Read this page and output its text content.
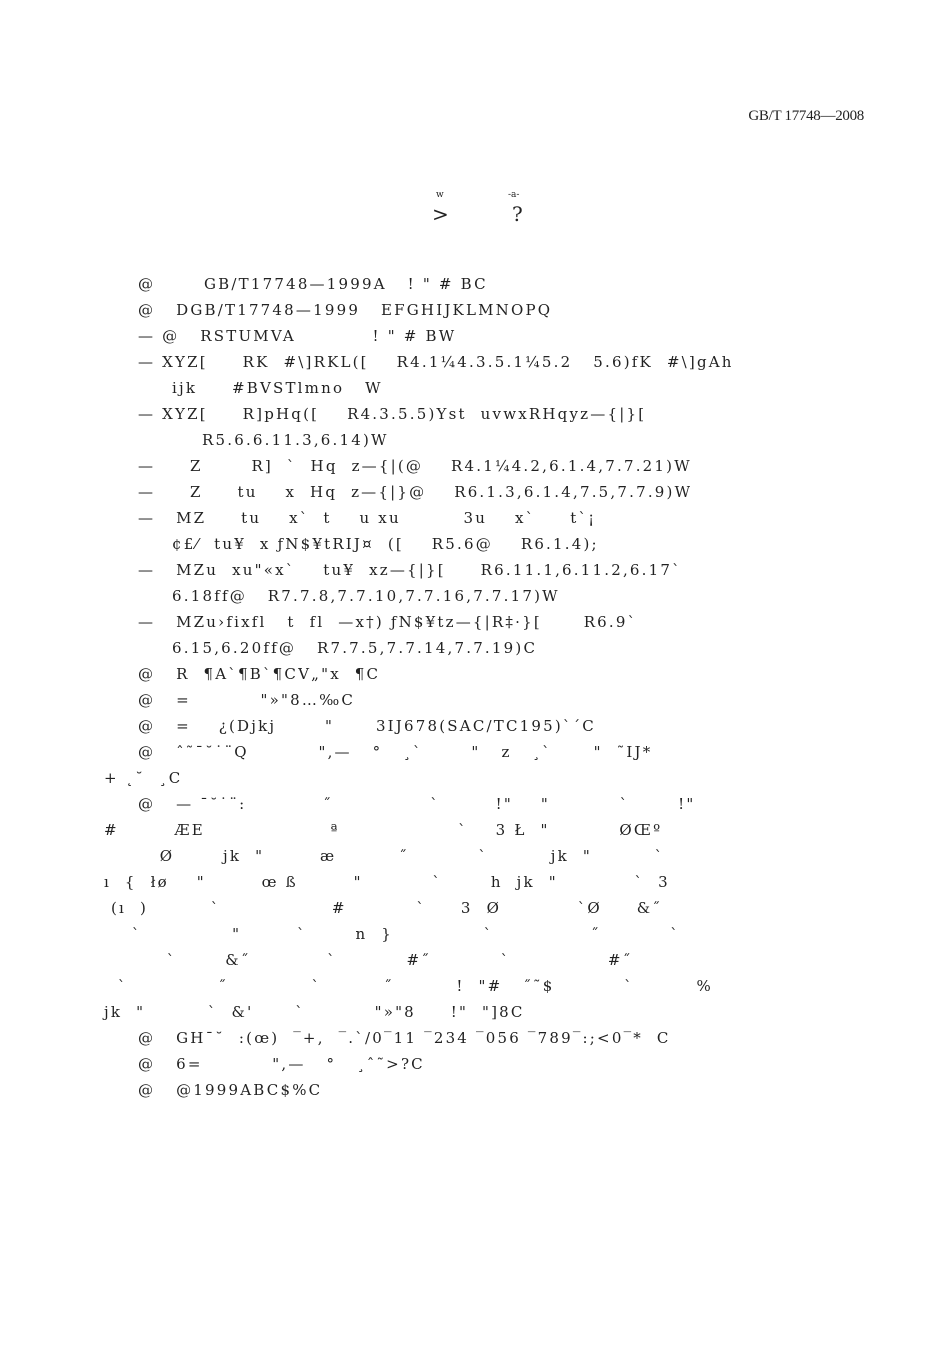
GB/T 17748—2008
w	-a-
>	?
@       GB/T17748—1999A   ! " # BC
@   DGB/T17748—1999   EFGHIJKLMNOPQ
— @   RSTUMVA           ! " # BW
— XYZ[     RK  #\]RKL([    R4.1¼4.3.5.1¼5.2   5.6)fK  #\]gAh
ijk     #BVSTlmno   W
— XYZ[     R]pHq([    R4.3.5.5)Yst  uvwxRHqyz—{|}[
R5.6.6.11.3,6.14)W
—     Z       R]  `  Hq  z—{|(@    R4.1¼4.2,6.1.4,7.7.21)W
—     Z     tu    x  Hq  z—{|}@    R6.1.3,6.1.4,7.5,7.7.9)W
—   MZ     tu    x`  t    u xu         3u    x`     t`¡
¢£⁄  tu¥  x ƒN$¥tRIJ¤  ([    R5.6@    R6.1.4);
—   MZu  xu"«x`    tu¥  xz—{|}[     R6.11.1,6.11.2,6.17`
6.18ff@   R7.7.8,7.7.10,7.7.16,7.7.17)W
—   MZu›fixfl   t  fl  —x†) ƒN$¥tz—{|R‡·}[      R6.9`
6.15,6.20ff@   R7.7.5,7.7.14,7.7.19)C
@   R  ¶A`¶B`¶CV„"x  ¶C
@   =          "»"8…‰C
@   =    ¿(Djkj       "      3IJ678(SAC/TC195)`´C
@   ˆ˜¯˘˙¨Q          ",—   °   ¸`       "   z   ¸`      "  ˜IJ*
+ ˛˘  ¸C
@   — ¯˘˙¨:           ˝              `        !"    "          `       !"
#        ÆE                  ª                 `    3 Ł  "          ØŒº
Ø       jk  "        æ         ˝          `         jk  "         `
ı  {  łø    "        œ ß        "          `       h  jk  "           `  3
(ı  )         `                #          `     3  Ø           `Ø     &˝
`             "        `       n  }             `              ˝          `
`       &˝           `          #˝          `              #˝
`             ˝            `         ˝         !  "#   ˝˜$          `         %
jk  "         `  &'      `          "»"8     !"  "]8C
@   GH¯˘  :(œ)  ‾+,  ‾.`/0‾11 ‾234 ‾056 ‾789‾:;<0‾*  C
@   6=          ",—   °   ¸ˆ˜>?C
@   @1999ABC$%C
